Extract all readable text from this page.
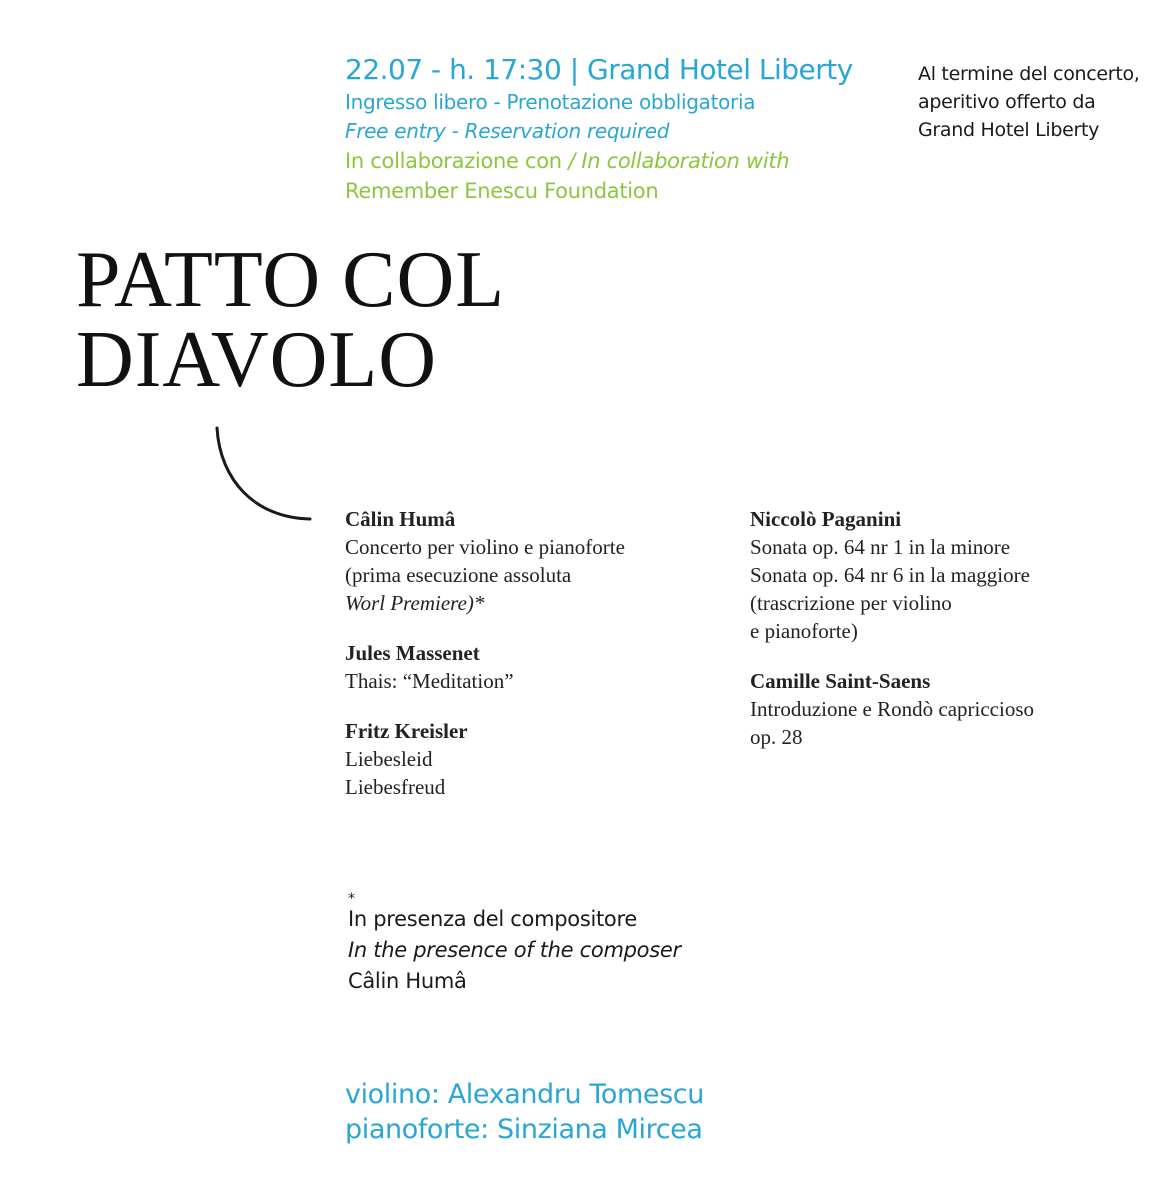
22.07 - h. 17:30 | Grand Hotel Liberty
Ingresso libero - Prenotazione obbligatoria
Free entry - Reservation required
In collaborazione con / In collaboration with
Remember Enescu Foundation
Al termine del concerto,
aperitivo offerto da
Grand Hotel Liberty
PATTO COL
DIAVOLO
Câlin Humâ
Concerto per violino e pianoforte
(prima esecuzione assoluta
Worl Premiere)*
Jules Massenet
Thais: “Meditation”
Fritz Kreisler
Liebesleid
Liebesfreud
Niccolò Paganini
Sonata op. 64 nr 1 in la minore
Sonata op. 64 nr 6 in la maggiore
(trascrizione per violino
e pianoforte)
Camille Saint-Saens
Introduzione e Rondò capriccioso
op. 28
*
In presenza del compositore
In the presence of the composer
Câlin Humâ
violino: Alexandru Tomescu
pianoforte: Sinziana Mircea
